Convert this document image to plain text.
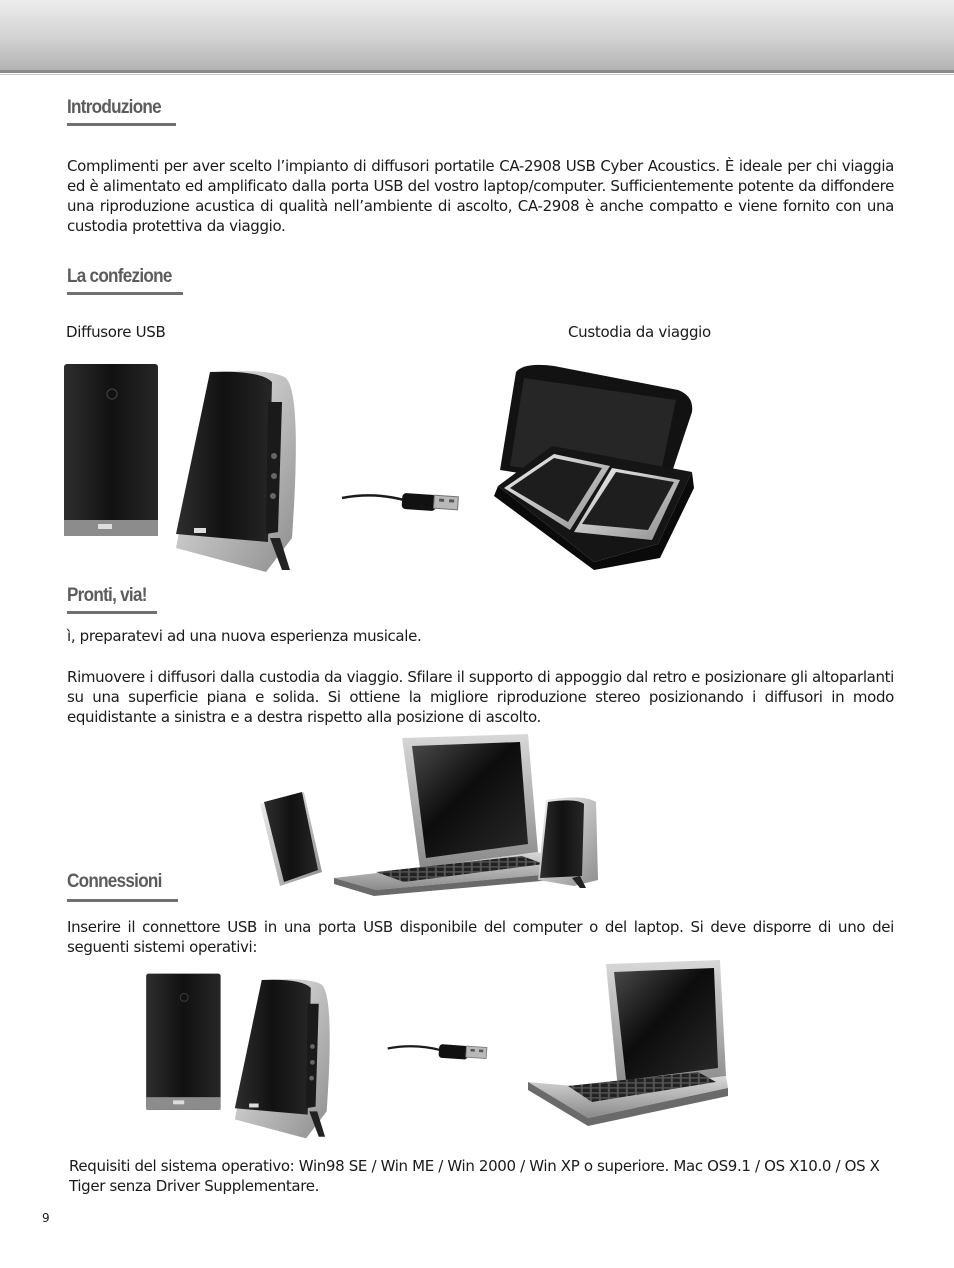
Introduzione

Complimenti per aver scelto l’impianto di diffusori portatile CA-2908 USB Cyber Acoustics. È ideale per chi viaggia ed è alimentato ed amplificato dalla porta USB del vostro laptop/computer. Sufficientemente potente da diffondere una riproduzione acustica di qualità nell’ambiente di ascolto, CA-2908 è anche compatto e viene fornito con una custodia protettiva da viaggio.

La confezione

Diffusore USB	Custodia da viaggio

Pronti, via!

ì, preparatevi ad una nuova esperienza musicale.

Rimuovere i diffusori dalla custodia da viaggio. Sfilare il supporto di appoggio dal retro e posizionare gli altoparlanti su una superficie piana e solida. Si ottiene la migliore riproduzione stereo posizionando i diffusori in modo equidistante a sinistra e a destra rispetto alla posizione di ascolto.

Connessioni

Inserire il connettore USB in una porta USB disponibile del computer o del laptop. Si deve disporre di uno dei seguenti sistemi operativi:

Requisiti del sistema operativo: Win98 SE / Win ME / Win 2000 / Win XP o superiore. Mac OS9.1 / OS X10.0 / OS X Tiger senza Driver Supplementare.

9
